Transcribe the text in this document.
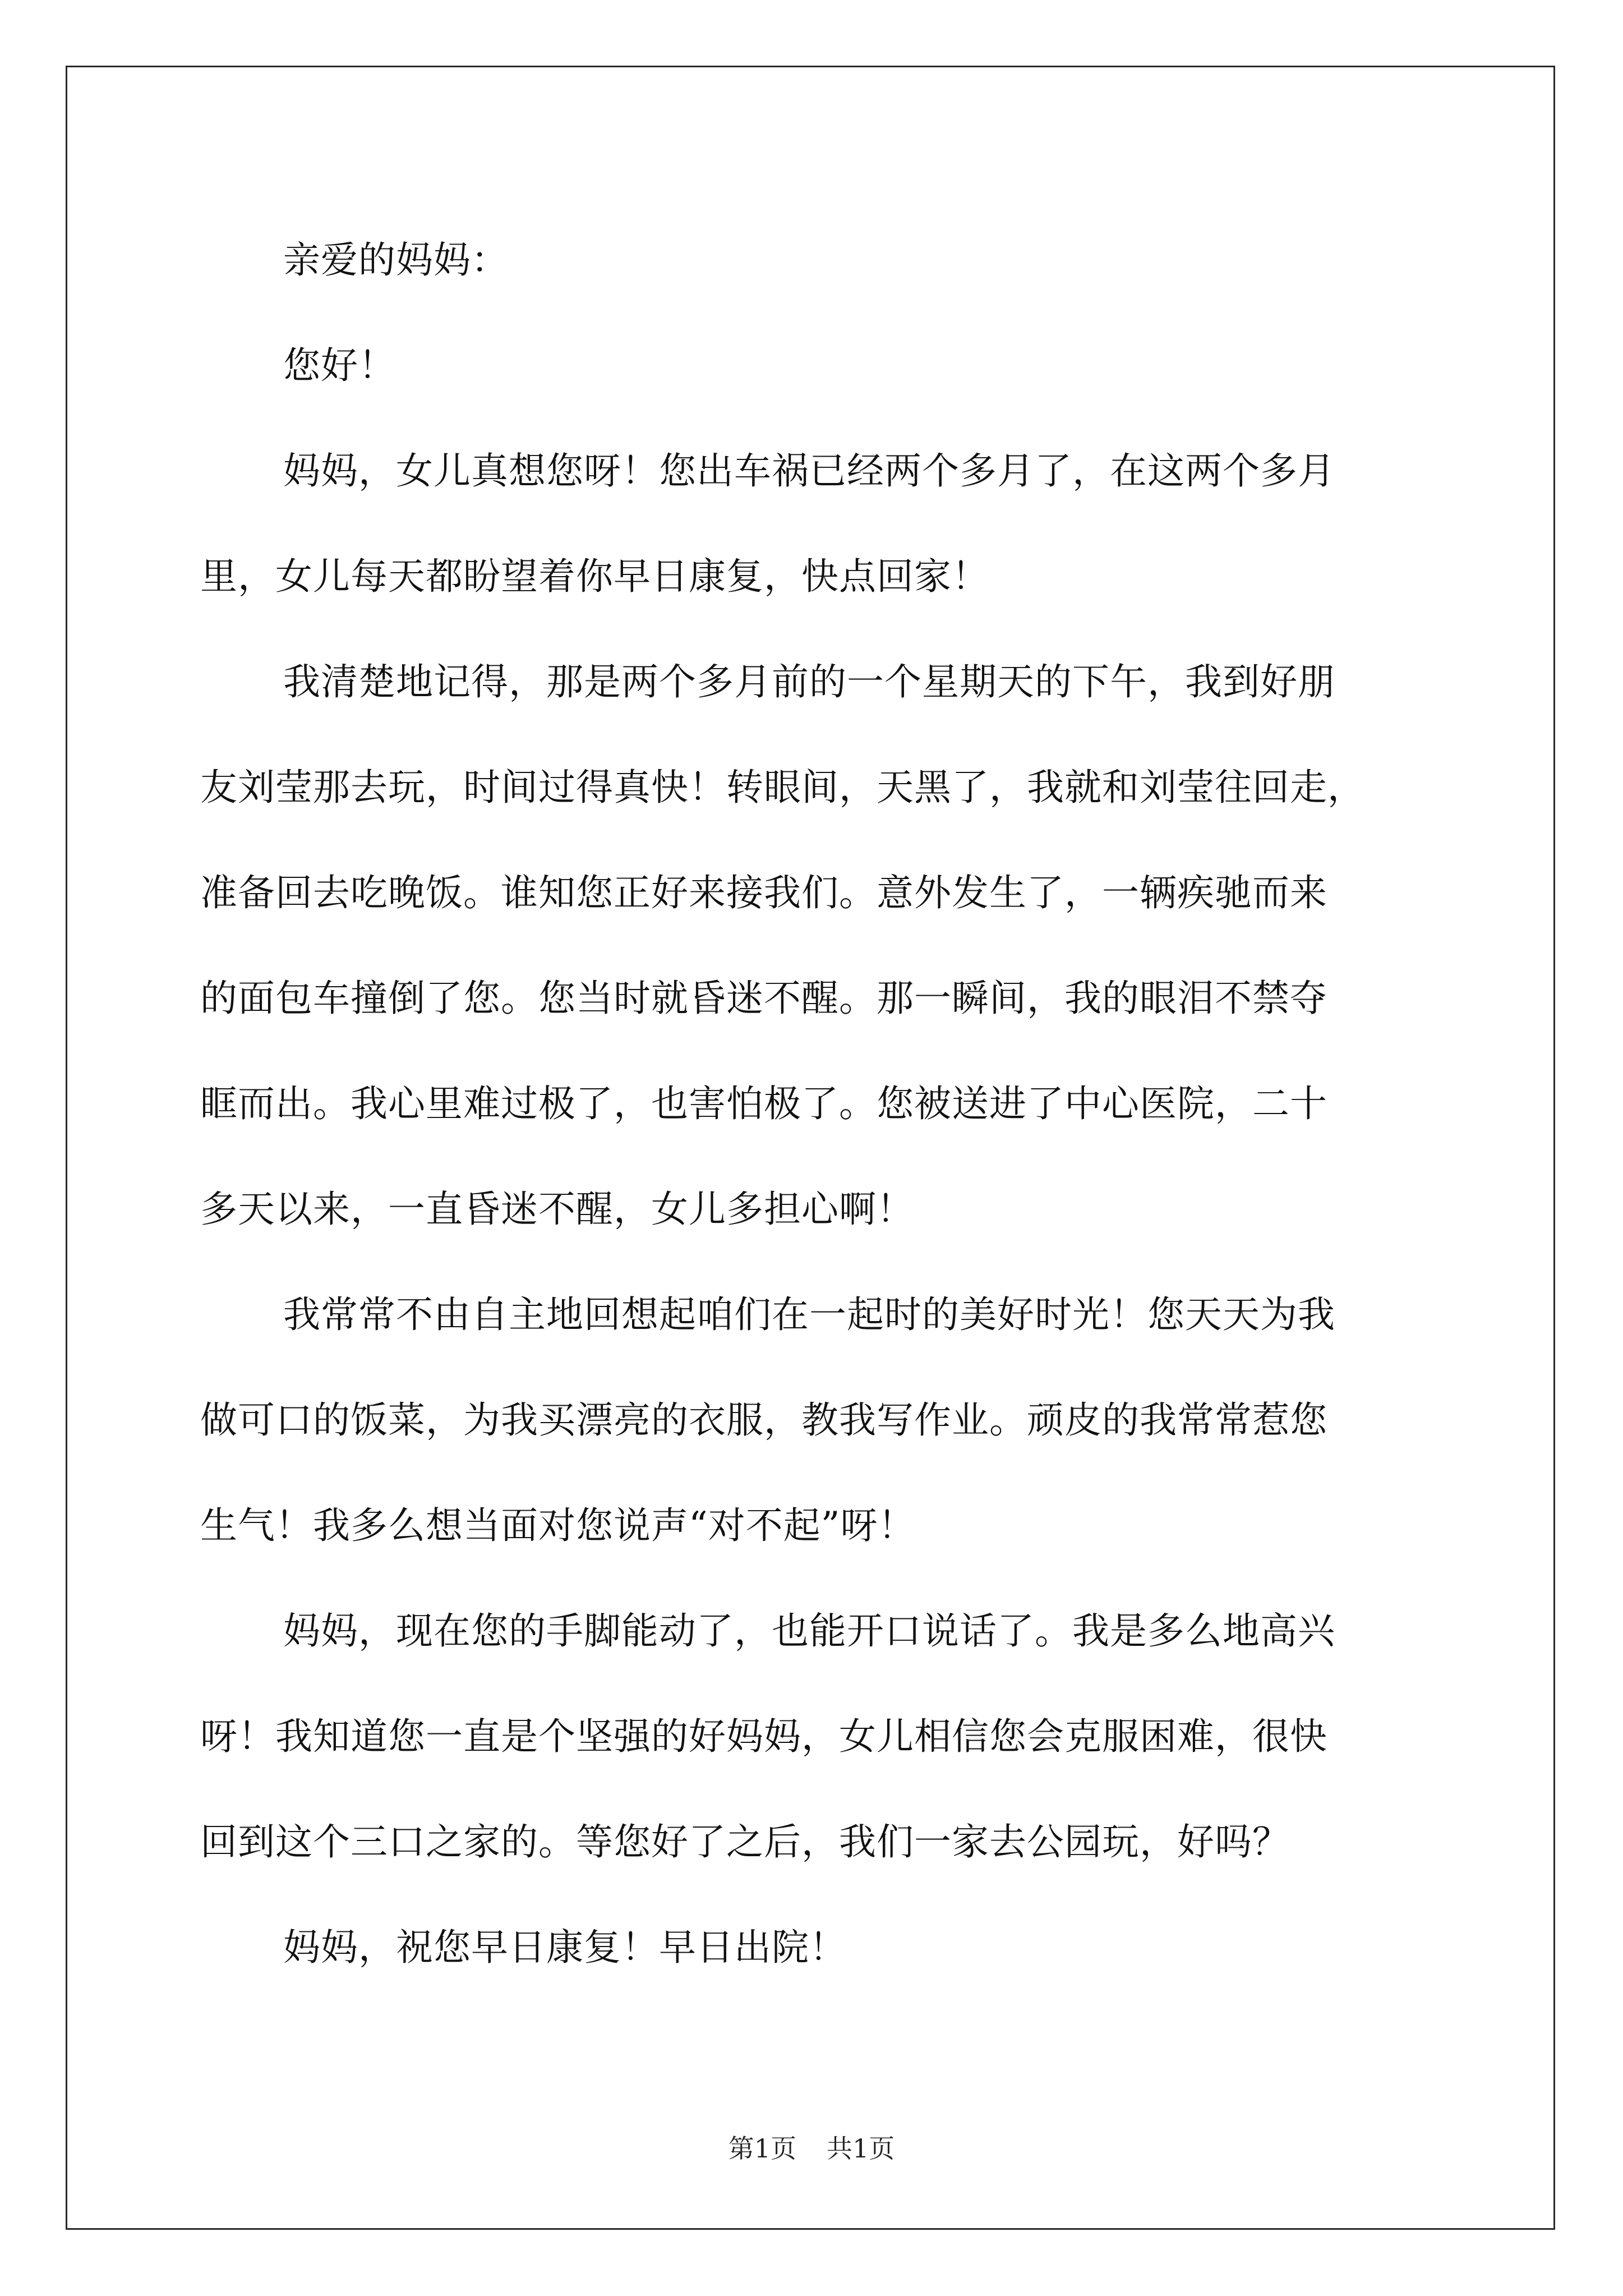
亲爱的妈妈：
您好！
妈妈，女儿真想您呀！您出车祸已经两个多月了，在这两个多月
里，女儿每天都盼望着你早日康复，快点回家！
我清楚地记得，那是两个多月前的一个星期天的下午，我到好朋
友刘莹那去玩，时间过得真快！转眼间，天黑了，我就和刘莹往回走，
准备回去吃晚饭。谁知您正好来接我们。意外发生了，一辆疾驰而来
的面包车撞倒了您。您当时就昏迷不醒。那一瞬间，我的眼泪不禁夺
眶而出。我心里难过极了，也害怕极了。您被送进了中心医院，二十
多天以来，一直昏迷不醒，女儿多担心啊！
我常常不由自主地回想起咱们在一起时的美好时光！您天天为我
做可口的饭菜，为我买漂亮的衣服，教我写作业。顽皮的我常常惹您
生气！我多么想当面对您说声“对不起”呀！
妈妈，现在您的手脚能动了，也能开口说话了。我是多么地高兴
呀！我知道您一直是个坚强的好妈妈，女儿相信您会克服困难，很快
回到这个三口之家的。等您好了之后，我们一家去公园玩，好吗？
妈妈，祝您早日康复！早日出院！
第1页 共1页
